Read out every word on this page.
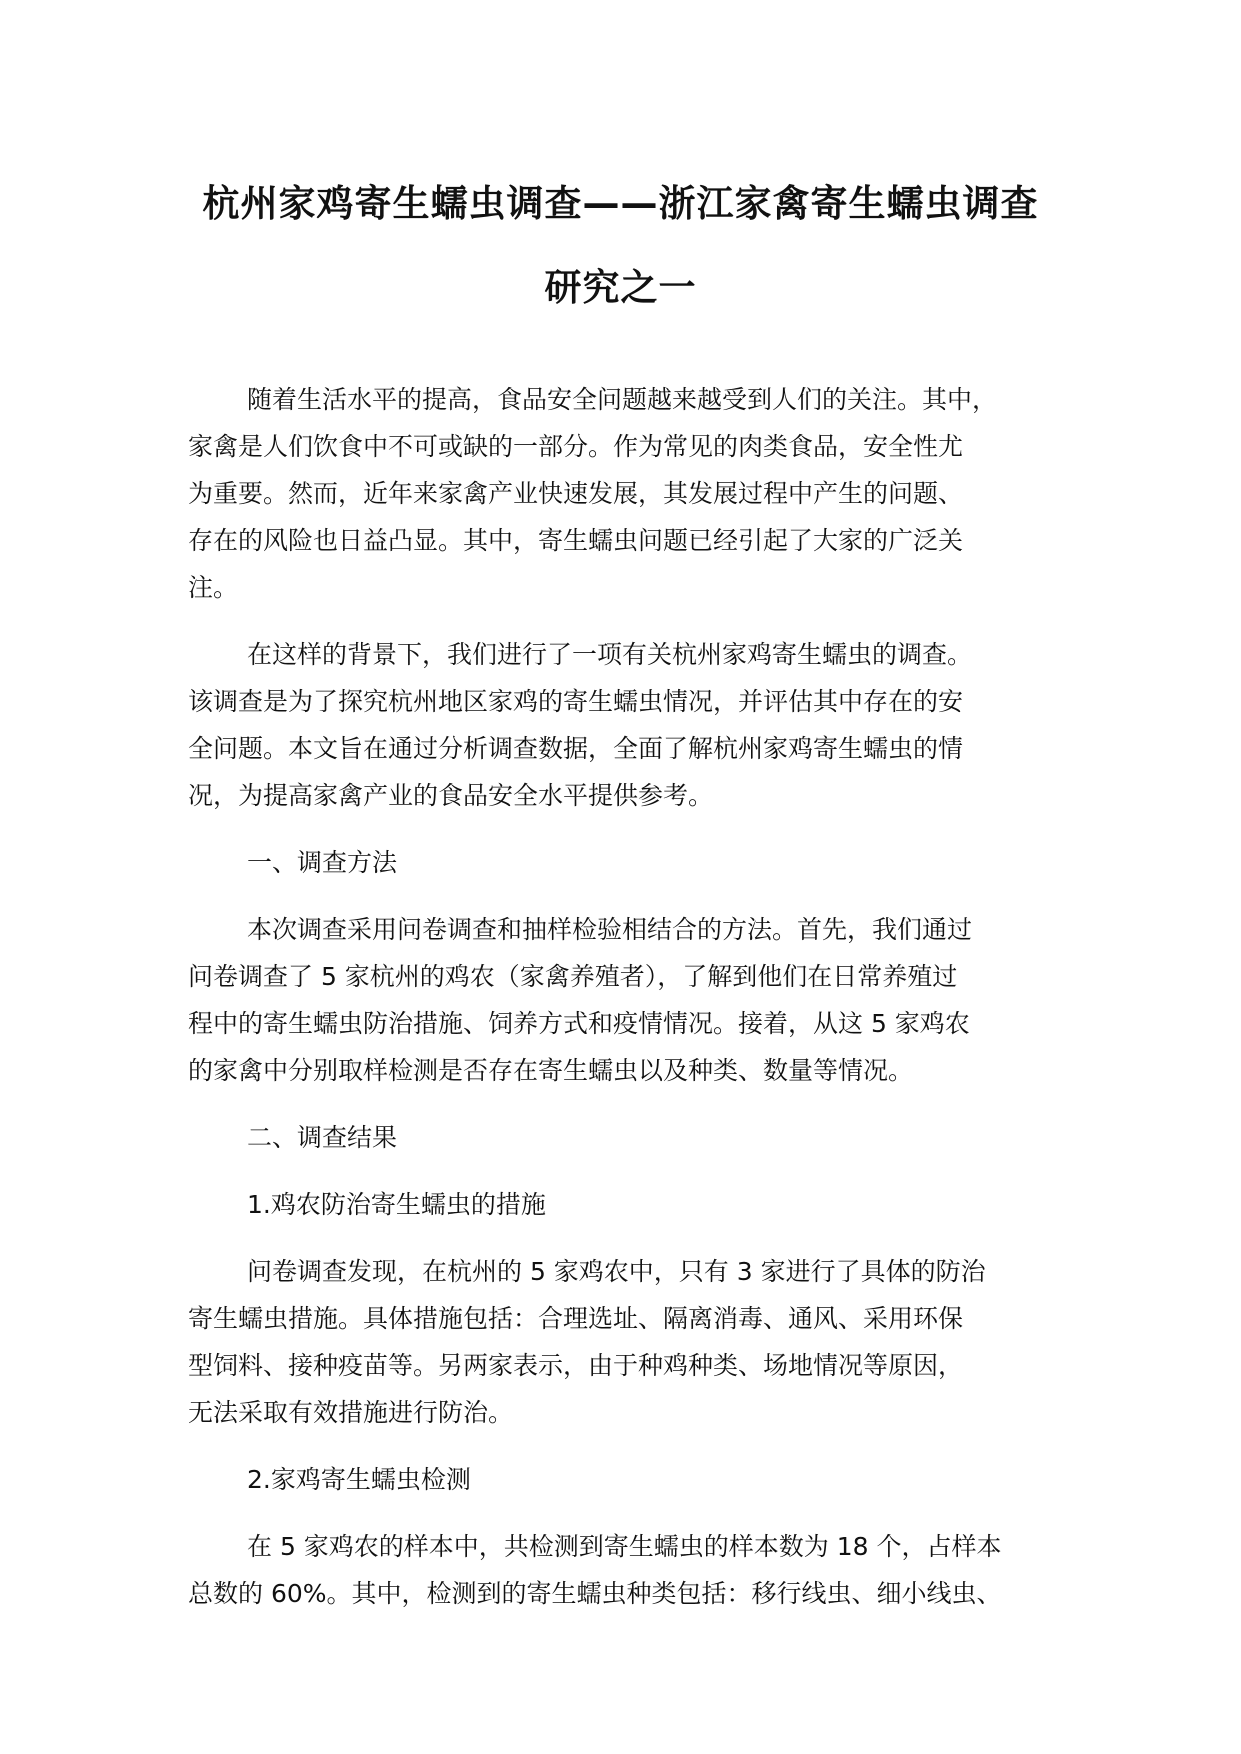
杭州家鸡寄生蠕虫调查——浙江家禽寄生蠕虫调查
研究之一

随着生活水平的提高，食品安全问题越来越受到人们的关注。其中，
家禽是人们饮食中不可或缺的一部分。作为常见的肉类食品，安全性尤
为重要。然而，近年来家禽产业快速发展，其发展过程中产生的问题、
存在的风险也日益凸显。其中，寄生蠕虫问题已经引起了大家的广泛关
注。

在这样的背景下，我们进行了一项有关杭州家鸡寄生蠕虫的调查。
该调查是为了探究杭州地区家鸡的寄生蠕虫情况，并评估其中存在的安
全问题。本文旨在通过分析调查数据，全面了解杭州家鸡寄生蠕虫的情
况，为提高家禽产业的食品安全水平提供参考。

一、调查方法

本次调查采用问卷调查和抽样检验相结合的方法。首先，我们通过
问卷调查了 5 家杭州的鸡农（家禽养殖者），了解到他们在日常养殖过
程中的寄生蠕虫防治措施、饲养方式和疫情情况。接着，从这 5 家鸡农
的家禽中分别取样检测是否存在寄生蠕虫以及种类、数量等情况。

二、调查结果
1.鸡农防治寄生蠕虫的措施

问卷调查发现，在杭州的 5 家鸡农中，只有 3 家进行了具体的防治
寄生蠕虫措施。具体措施包括：合理选址、隔离消毒、通风、采用环保
型饲料、接种疫苗等。另两家表示，由于种鸡种类、场地情况等原因，
无法采取有效措施进行防治。

2.家鸡寄生蠕虫检测

在 5 家鸡农的样本中，共检测到寄生蠕虫的样本数为 18 个，占样本
总数的 60%。其中，检测到的寄生蠕虫种类包括：移行线虫、细小线虫、
